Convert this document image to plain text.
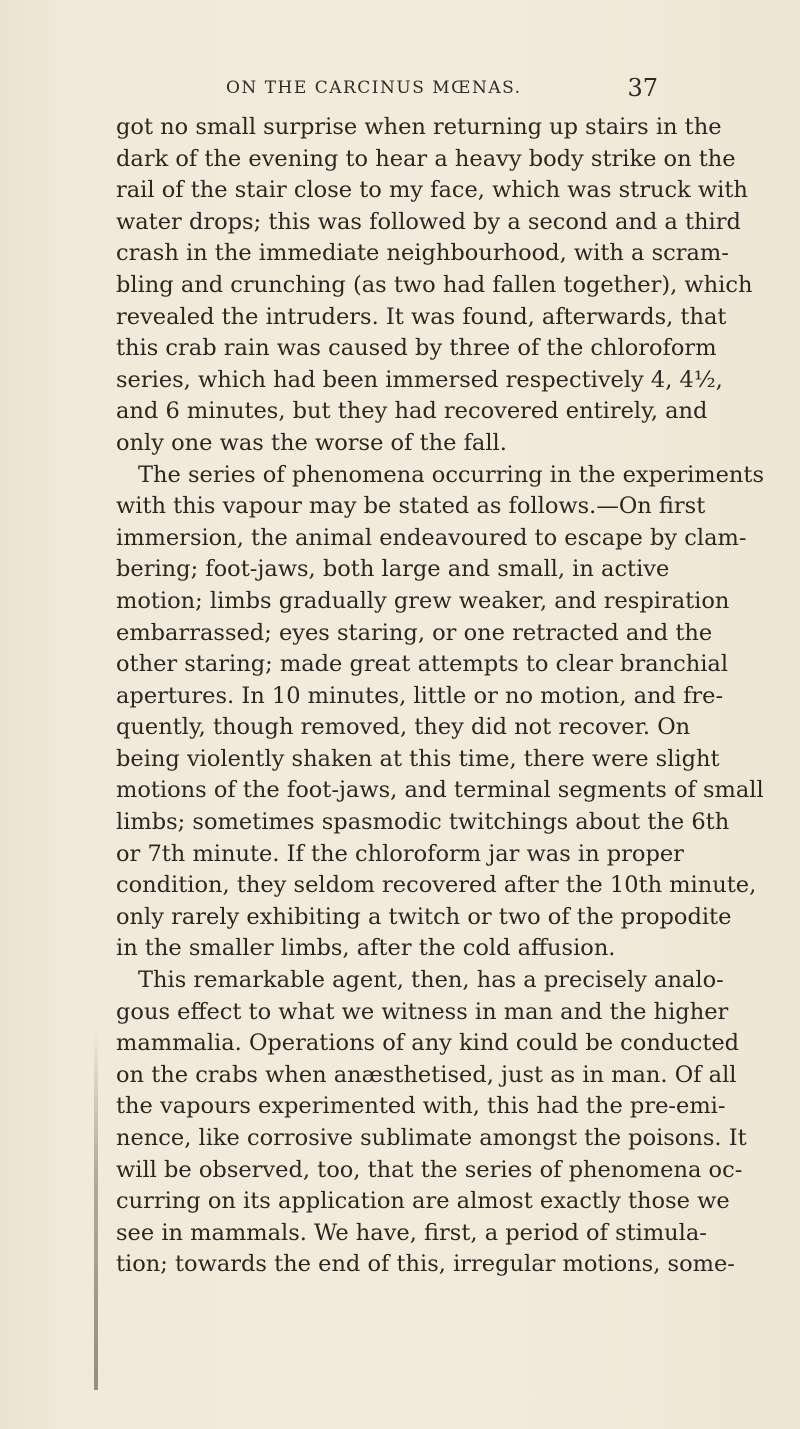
ON THE CARCINUS MŒNAS.	37
got no small surprise when returning up stairs in the
dark of the evening to hear a heavy body strike on the
rail of the stair close to my face, which was struck with
water drops; this was followed by a second and a third
crash in the immediate neighbourhood, with a scram-
bling and crunching (as two had fallen together), which
revealed the intruders. It was found, afterwards, that
this crab rain was caused by three of the chloroform
series, which had been immersed respectively 4, 4½,
and 6 minutes, but they had recovered entirely, and
only one was the worse of the fall.
The series of phenomena occurring in the experiments
with this vapour may be stated as follows.—On first
immersion, the animal endeavoured to escape by clam-
bering; foot-jaws, both large and small, in active
motion; limbs gradually grew weaker, and respiration
embarrassed; eyes staring, or one retracted and the
other staring; made great attempts to clear branchial
apertures. In 10 minutes, little or no motion, and fre-
quently, though removed, they did not recover. On
being violently shaken at this time, there were slight
motions of the foot-jaws, and terminal segments of small
limbs; sometimes spasmodic twitchings about the 6th
or 7th minute. If the chloroform jar was in proper
condition, they seldom recovered after the 10th minute,
only rarely exhibiting a twitch or two of the propodite
in the smaller limbs, after the cold affusion.
This remarkable agent, then, has a precisely analo-
gous effect to what we witness in man and the higher
mammalia. Operations of any kind could be conducted
on the crabs when anæsthetised, just as in man. Of all
the vapours experimented with, this had the pre-emi-
nence, like corrosive sublimate amongst the poisons. It
will be observed, too, that the series of phenomena oc-
curring on its application are almost exactly those we
see in mammals. We have, first, a period of stimula-
tion; towards the end of this, irregular motions, some-
